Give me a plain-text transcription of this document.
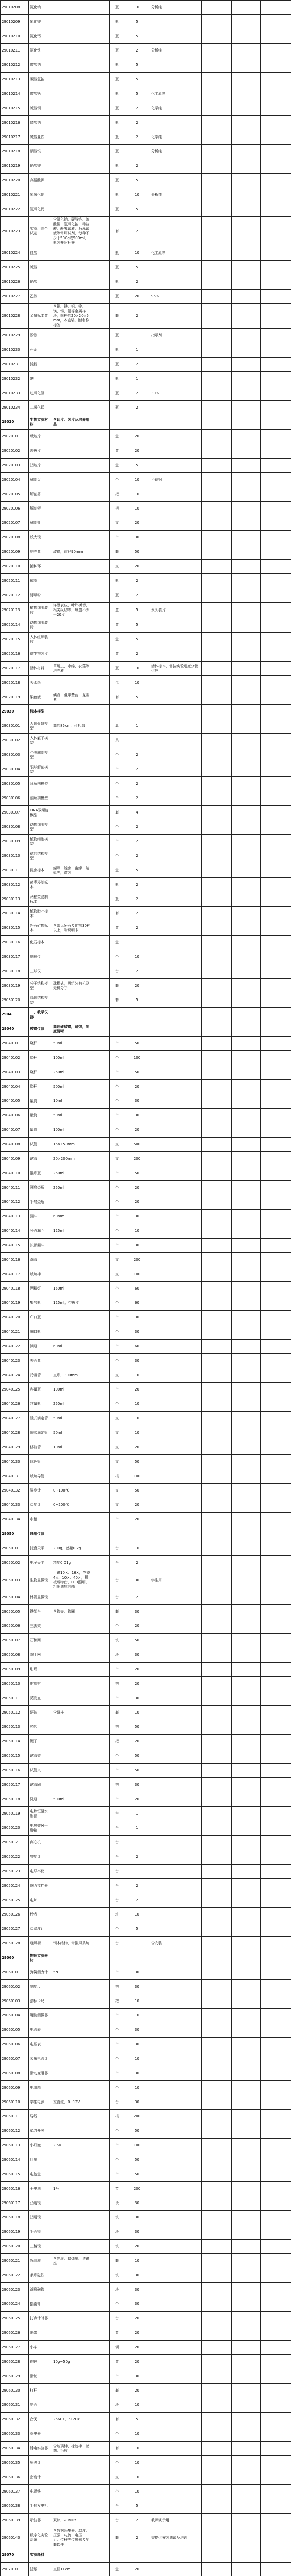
29010208	氯化钠			瓶	10	分析纯			
29010209	氯化钾			瓶	5				
29010210	氯化钙			瓶	5				
29010211	氯化铁			瓶	2	分析纯			
29010212	碳酸钠			瓶	5				
29010213	碳酸氢钠			瓶	5				
29010214	碳酸钙			瓶	5	化工原料			
29010215	硫酸铜			瓶	2	化学纯			
29010216	硫酸钠			瓶	2				
29010217	硫酸亚铁			瓶	2	化学纯			
29010218	硝酸银			瓶	1	分析纯			
29010219	硝酸钾			瓶	2				
29010220	高锰酸钾			瓶	5				
29010221	氢氧化钠			瓶	10	分析纯			
29010222	氢氧化钙			瓶	5				
29010223	实验用综合试剂	含氯化钠、碳酸钠、硫酸铜、氢氧化钠、稀盐酸、酚酞试液、石蕊试液等常用试剂，每种不少于500g或500ml，瓶装并附标签		套	2				
29010224	盐酸			瓶	10	化工原料			
29010225	硫酸			瓶	5				
29010226	硝酸			瓶	2				
29010227	乙醇			瓶	20	95%			
29010228	金属标本盒	含铜、铁、铝、锌、镁、锡、铅等金属样块，规格约20×20×5mm，木盒装，附名称标签		套	2				
29010229	酚酞			瓶	1	指示剂			
29010230	石蕊			瓶	1				
29010231	淀粉			瓶	2				
29010232	碘			瓶	1				
29010233	过氧化氢			瓶	2	30%			
29010234	二氧化锰			瓶	2				
29020	生物实验材料	含切片、装片及培养用品							
29020101	载玻片			盒	20				
29020102	盖玻片			盒	20				
29020103	凹玻片			盒	5				
29020104	解剖盘			个	10	不锈钢			
29020105	解剖剪			把	10				
29020106	解剖镊			把	10				
29020107	解剖针			支	20				
29020108	放大镜			个	30				
29020109	培养皿	玻璃，直径90mm		套	50				
29020110	接种环			支	20				
29020111	琼脂			瓶	2				
29020112	酵母粉			瓶	2				
29020113	植物细胞装片	洋葱表皮、叶片横切、根尖纵切等，每盒不少于20片		盒	5	永久装片			
29020114	动物细胞装片			盒	5				
29020115	人体组织装片			盒	5				
29020116	微生物装片			盒	2				
29020117	活体材料	草履虫、水绵、衣藻等培养液		瓶	10	活体标本，需按实验进度分批供应			
29020118	吸水纸			包	10				
29020119	染色液	碘液、亚甲基蓝、龙胆紫		套	5				
29030	标本模型								
29030101	人体骨骼模型	高约85cm，可拆卸		具	1				
29030102	人体躯干模型			具	1				
29030103	心脏解剖模型			个	2				
29030104	眼球解剖模型			个	2				
29030105	耳解剖模型			个	2				
29030106	脑解剖模型			个	2				
29030107	DNA双螺旋模型			套	4				
29030108	动物细胞模型			个	2				
29030109	植物细胞模型			个	2				
29030110	花的结构模型			个	2				
29030111	昆虫标本	蝴蝶、蝗虫、蜜蜂、蜻蜓等，盒装		盒	5				
29030112	鱼类浸制标本			瓶	2				
29030113	两栖类浸制标本			瓶	2				
29030114	植物腊叶标本			套	2				
29030115	岩石矿物标本	含常见岩石及矿物30种以上，附说明卡		盒	2				
29030116	化石标本			盒	1				
29030117	地球仪			个	10				
29030118	三球仪			台	2				
29030119	分子结构模型	球棍式，可组装有机及无机分子		套	20				
29030120	晶体结构模型			套	5				
2904	二、教学仪器								
29040	玻璃仪器	高硼硅玻璃，耐热，刻度清晰							
29040101	烧杯	50ml		个	50				
29040102	烧杯	100ml		个	100				
29040103	烧杯	250ml		个	50				
29040104	烧杯	500ml		个	20				
29040105	量筒	10ml		个	30				
29040106	量筒	50ml		个	30				
29040107	量筒	100ml		个	20				
29040108	试管	15×150mm		支	500				
29040109	试管	20×200mm		支	200				
29040110	锥形瓶	250ml		个	50				
29040111	圆底烧瓶	250ml		个	20				
29040112	平底烧瓶			个	20				
29040113	漏斗	60mm		个	30				
29040114	分液漏斗	125ml		个	10				
29040115	长颈漏斗			个	30				
29040116	滴管			支	200				
29040117	玻璃棒			支	100				
29040118	酒精灯	150ml		个	60				
29040119	集气瓶	125ml，带玻片		个	60				
29040120	广口瓶			个	30				
29040121	细口瓶			个	30				
29040122	滴瓶	60ml		个	60				
29040123	表面皿			个	30				
29040124	冷凝管	直形，300mm		支	10				
29040125	容量瓶	100ml		个	20				
29040126	容量瓶	250ml		个	10				
29040127	酸式滴定管	50ml		支	10				
29040128	碱式滴定管	50ml		支	10				
29040129	移液管	10ml		支	20				
29040130	比色管			支	50				
29040131	玻璃导管			根	100				
29040132	温度计	0~100℃		支	50				
29040133	温度计	0~200℃		支	20				
29040134	水槽			个	20				
29050	通用仪器								
29050101	托盘天平	200g，感量0.2g		台	10				
29050102	电子天平	精度0.01g		台	2				
29050103	生物显微镜	目镜10×、16×，物镜4×、10×、40×，机械载物台，LED照明，粗细调焦同轴		台	30	学生用			
29050104	体视显微镜			台	2				
29050105	铁架台	含铁夹、铁圈		套	30				
29050106	三脚架			个	20				
29050107	石棉网			块	50				
29050108	陶土网			块	30				
29050109	坩埚			个	20				
29050110	坩埚钳			把	20				
29050111	蒸发皿			个	30				
29050112	研钵	含研杵		套	10				
29050113	药匙			把	50				
29050114	镊子			把	20				
29050115	试管架			个	50				
29050116	试管夹			个	50				
29050117	试管刷			把	30				
29050118	洗瓶	500ml		个	20				
29050119	电热恒温水浴锅			台	1				
29050120	电热鼓风干燥箱			台	1				
29050121	离心机			台	1				
29050122	酸度计			台	2				
29050123	电导率仪			台	1				
29050124	磁力搅拌器			台	2				
29050125	电炉			台	2				
29050126	秒表			块	10				
29050127	温湿度计			个	5				
29050128	通风橱	钢木结构，带排风系统		台	1	含安装			
29060	物理实验器材								
29060101	弹簧测力计	5N		个	30				
29060102	刻度尺			把	30				
29060103	游标卡尺			把	10				
29060104	螺旋测微器			个	10				
29060105	电流表			个	30				
29060106	电压表			个	30				
29060107	灵敏电流计			个	10				
29060108	滑动变阻器			个	30				
29060109	电阻箱			个	10				
29060110	学生电源	交直流，0~12V		台	30				
29060111	导线			根	200				
29060112	单刀开关			个	50				
29060113	小灯泡	2.5V		个	100				
29060114	灯座			个	50				
29060115	电池盒			个	50				
29060116	干电池	1号		节	200				
29060117	凸透镜			块	30				
29060118	凹透镜			块	30				
29060119	平面镜			块	30				
29060120	三棱镜			块	20				
29060121	光具座	含光屏、蜡烛座、透镜座		套	10				
29060122	条形磁铁			块	30				
29060123	蹄形磁铁			块	30				
29060124	指南针			个	30				
29060125	打点计时器			台	20				
29060126	纸带			卷	20				
29060127	小车			辆	20				
29060128	钩码	10g~50g		盒	20				
29060129	滑轮			个	30				
29060130	杠杆			套	20				
29060131	斜面			块	10				
29060132	音叉	256Hz、512Hz		套	5				
29060133	验电器			个	10				
29060134	静电实验器	含玻璃棒、橡胶棒、丝绸、毛皮		套	10				
29060135	压强计			个	10				
29060136	密度计			支	10				
29060137	电磁铁			个	10				
29060138	手摇发电机			台	5				
29060139	示波器	双踪，20MHz		台	2	教师演示用			
29060140	数字化实验系统	含数据采集器、温度、压强、电流、电压、力、位移等传感器及配套软件		套	2	需提供安装调试及培训			
29070	实验耗材								
29070101	滤纸	直径11cm		盒	20				
